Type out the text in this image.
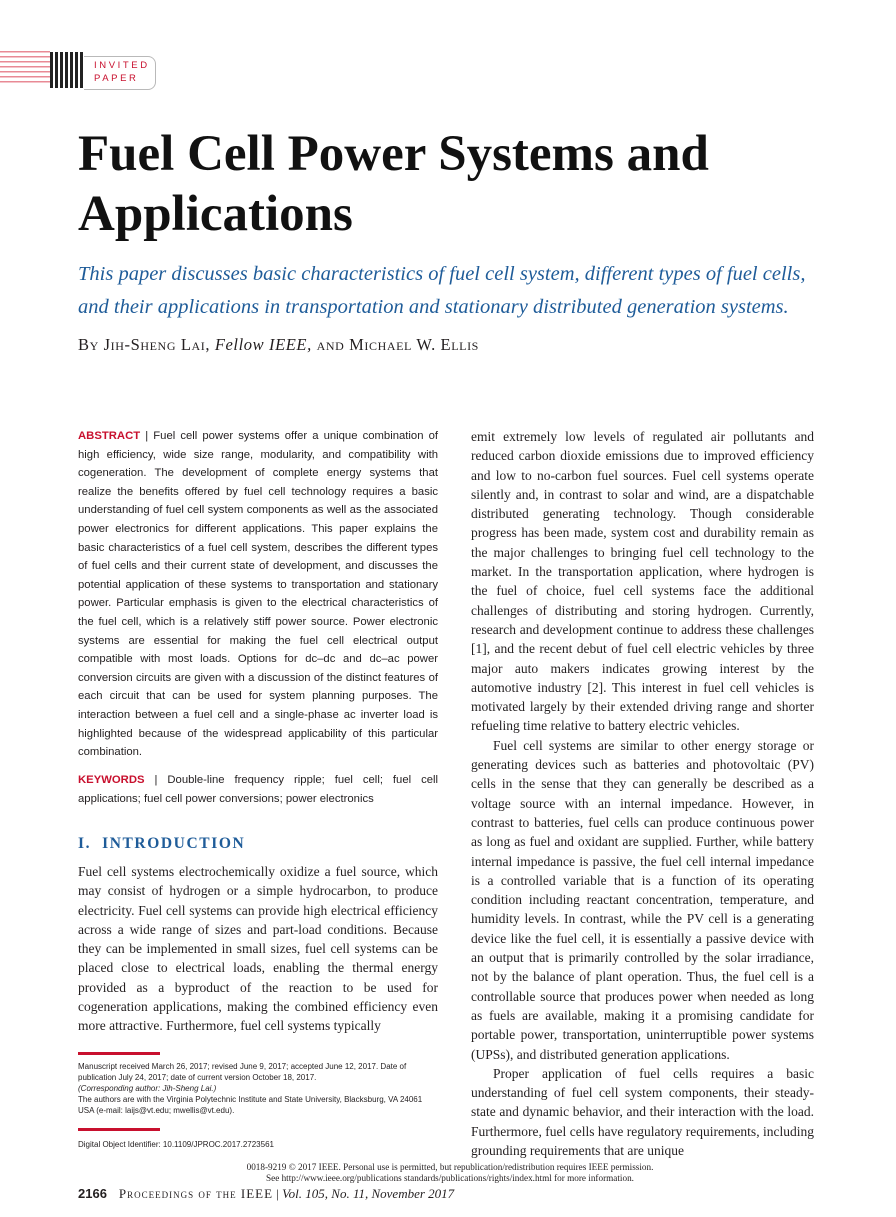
INVITED
PAPER
Fuel Cell Power Systems and Applications

This paper discusses basic characteristics of fuel cell system, different types of fuel cells, and their applications in transportation and stationary distributed generation systems.

By Jih-Sheng Lai, Fellow IEEE, and Michael W. Ellis

ABSTRACT | Fuel cell power systems offer a unique combination of high efficiency, wide size range, modularity, and compatibility with cogeneration. The development of complete energy systems that realize the benefits offered by fuel cell technology requires a basic understanding of fuel cell system components as well as the associated power electronics for different applications. This paper explains the basic characteristics of a fuel cell system, describes the different types of fuel cells and their current state of development, and discusses the potential application of these systems to transportation and stationary power. Particular emphasis is given to the electrical characteristics of the fuel cell, which is a relatively stiff power source. Power electronic systems are essential for making the fuel cell electrical output compatible with most loads. Options for dc–dc and dc–ac power conversion circuits are given with a discussion of the distinct features of each circuit that can be used for system planning purposes. The interaction between a fuel cell and a single-phase ac inverter load is highlighted because of the widespread applicability of this particular combination.

KEYWORDS | Double-line frequency ripple; fuel cell; fuel cell applications; fuel cell power conversions; power electronics

I. INTRODUCTION

Fuel cell systems electrochemically oxidize a fuel source, which may consist of hydrogen or a simple hydrocarbon, to produce electricity. Fuel cell systems can provide high electrical efficiency across a wide range of sizes and part-load conditions. Because they can be implemented in small sizes, fuel cell systems can be placed close to electrical loads, enabling the thermal energy provided as a byproduct of the reaction to be used for cogeneration applications, making the combined efficiency even more attractive. Furthermore, fuel cell systems typically

Manuscript received March 26, 2017; revised June 9, 2017; accepted June 12, 2017. Date of publication July 24, 2017; date of current version October 18, 2017.

(Corresponding author: Jih-Sheng Lai.)

The authors are with the Virginia Polytechnic Institute and State University, Blacksburg, VA 24061 USA (e-mail: laijs@vt.edu; mwellis@vt.edu).

Digital Object Identifier: 10.1109/JPROC.2017.2723561

emit extremely low levels of regulated air pollutants and reduced carbon dioxide emissions due to improved efficiency and low to no-carbon fuel sources. Fuel cell systems operate silently and, in contrast to solar and wind, are a dispatchable distributed generating technology. Though considerable progress has been made, system cost and durability remain as the major challenges to bringing fuel cell technology to the market. In the transportation application, where hydrogen is the fuel of choice, fuel cell systems face the additional challenges of distributing and storing hydrogen. Currently, research and development continue to address these challenges [1], and the recent debut of fuel cell electric vehicles by three major auto makers indicates growing interest by the automotive industry [2]. This interest in fuel cell vehicles is motivated largely by their extended driving range and shorter refueling time relative to battery electric vehicles.

Fuel cell systems are similar to other energy storage or generating devices such as batteries and photovoltaic (PV) cells in the sense that they can generally be described as a voltage source with an internal impedance. However, in contrast to batteries, fuel cells can produce continuous power as long as fuel and oxidant are supplied. Further, while battery internal impedance is passive, the fuel cell internal impedance is a controlled variable that is a function of its operating condition including reactant concentration, temperature, and humidity levels. In contrast, while the PV cell is a generating device like the fuel cell, it is essentially a passive device with an output that is primarily controlled by the solar irradiance, not by the balance of plant operation. Thus, the fuel cell is a controllable source that produces power when needed as long as fuels are available, making it a promising candidate for portable power, transportation, uninterruptible power systems (UPSs), and distributed generation applications.

Proper application of fuel cells requires a basic understanding of fuel cell system components, their steady-state and dynamic behavior, and their interaction with the load. Furthermore, fuel cells have regulatory requirements, including grounding requirements that are unique

0018-9219 © 2017 IEEE. Personal use is permitted, but republication/redistribution requires IEEE permission.
See http://www.ieee.org/publications standards/publications/rights/index.html for more information.

2166 Proceedings of the IEEE | Vol. 105, No. 11, November 2017
